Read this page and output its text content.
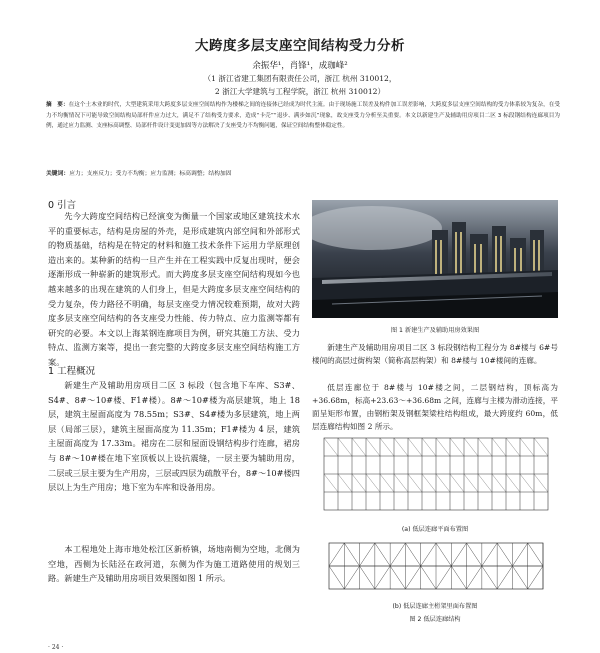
大跨度多层支座空间结构受力分析
余振华¹，肖锋¹，成珈峰²
（1 浙江省建工集团有限责任公司，浙江 杭州 310012，
2 浙江大学建筑与工程学院，浙江 杭州 310012）
摘　要：在这个土木业的时代，大型建筑采用大跨度多层支座空间结构作为楼梯之间的连接体已经成为时代主流。由于现场施工误差及构件加工误差影响，大跨度多层支座空间结构的受力体系较为复杂，在受力不均衡情况下可能导致空间结构局部杆件应力过大，满足不了结构受力要求，造成“卡壳”“退步、满步如沉”现象，故支座受力分析至关重要。本文以新建生产及辅助用房项目二区 3 标段钢结构连廊项目为例，通过应力监测、支座标高调整、局部杆件设计变更加固等方法解决了支座受力不均衡问题，保证空间结构整体稳定性。
关键词：应力；支座反力；受力不均衡；应力监测；标高调整；结构加固
0 引言
先今大跨度空间结构已经演变为衡量一个国家或地区建筑技术水平的重要标志，结构是房屋的外壳，是形成建筑内部空间和外部形式的物质基础，结构是在特定的材料和施工技术条件下运用力学原理创造出来的。某种新的结构一旦产生并在工程实践中反复出现时，便会逐渐形成一种崭新的建筑形式。而大跨度多层支座空间结构现如今也越来越多的出现在建筑的人们身上，但是大跨度多层支座空间结构的受力复杂，传力路径不明确，每层支座受力情况较难预期，故对大跨度多层支座空间结构的各支座受力性能、传力特点、应力监测等都有研究的必要。本文以上海某钢连廊项目为例，研究其施工方法、受力特点、监测方案等，提出一套完整的大跨度多层支座空间结构施工方案。
1 工程概况
新建生产及辅助用房项目二区 3 标段（包含地下车库、S3#、S4#、8#～10#楼、F1#楼）。8#～10#楼为高层建筑，地上 18 层，建筑主屋面高度为 78.55m；S3#、S4#楼为多层建筑，地上两层（局部三层），建筑主屋面高度为 11.35m；F1#楼为 4 层，建筑主屋面高度为 17.33m。裙房在二层和屋面设钢结构步行连廊，裙房与 8#～10#楼在地下室顶板以上设抗震缝，一层主要为辅助用房，二层或三层主要为生产用房，三层或四层为疏散平台，8#～10#楼四层以上为生产用房；地下室为车库和设备用房。
本工程地处上海市地处松江区新桥镇，场地南侧为空地，北侧为空地，西侧为长陆泾在政河道，东侧为作为施工道路使用的规划三路。新建生产及辅助用房项目效果图如图 1 所示。
图 1 新建生产及辅助用房效果图
新建生产及辅助用房项目二区 3 标段钢结构工程分为 8#楼与 6#号楼间的高层过街构架（简称高层构架）和 8#楼与 10#楼间的连廊。
低层连廊位于 8#楼与 10#楼之间，二层钢结构，顶标高为+36.68m，标高+23.63～+36.68m 之间，连廊与主楼为滑动连接，平面呈矩形布置，由钢桁架及钢框架梁柱结构组成，最大跨度约 60m，低层连廊结构如图 2 所示。
(a) 低层连廊平面布置图
(b) 低层连廊主桁架里面布置图
图 2 低层连廊结构
· 24 ·
